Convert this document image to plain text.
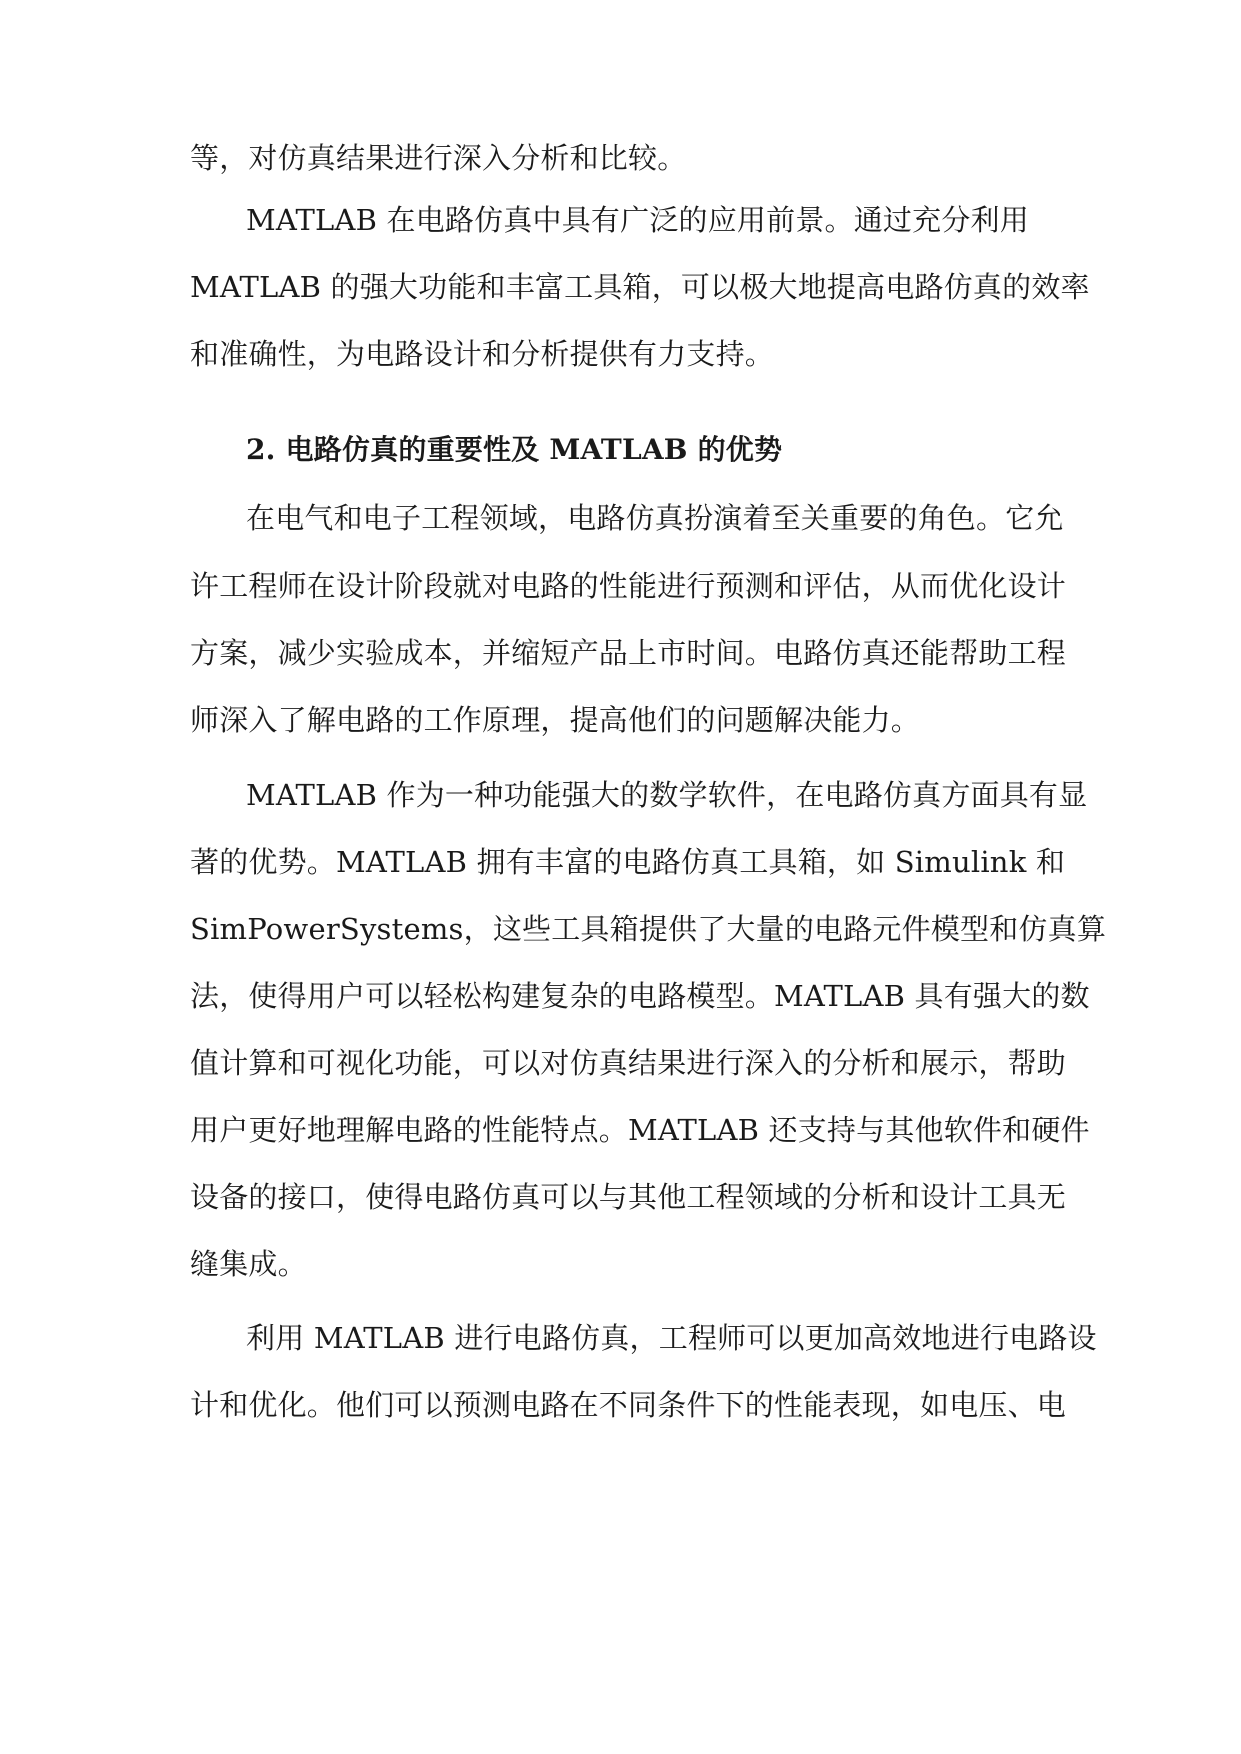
等，对仿真结果进行深入分析和比较。
MATLAB 在电路仿真中具有广泛的应用前景。通过充分利用
MATLAB 的强大功能和丰富工具箱，可以极大地提高电路仿真的效率
和准确性，为电路设计和分析提供有力支持。
2. 电路仿真的重要性及 MATLAB 的优势
在电气和电子工程领域，电路仿真扮演着至关重要的角色。它允
许工程师在设计阶段就对电路的性能进行预测和评估，从而优化设计
方案，减少实验成本，并缩短产品上市时间。电路仿真还能帮助工程
师深入了解电路的工作原理，提高他们的问题解决能力。
MATLAB 作为一种功能强大的数学软件，在电路仿真方面具有显
著的优势。MATLAB 拥有丰富的电路仿真工具箱，如 Simulink 和
SimPowerSystems，这些工具箱提供了大量的电路元件模型和仿真算
法，使得用户可以轻松构建复杂的电路模型。MATLAB 具有强大的数
值计算和可视化功能，可以对仿真结果进行深入的分析和展示，帮助
用户更好地理解电路的性能特点。MATLAB 还支持与其他软件和硬件
设备的接口，使得电路仿真可以与其他工程领域的分析和设计工具无
缝集成。
利用 MATLAB 进行电路仿真，工程师可以更加高效地进行电路设
计和优化。他们可以预测电路在不同条件下的性能表现，如电压、电
